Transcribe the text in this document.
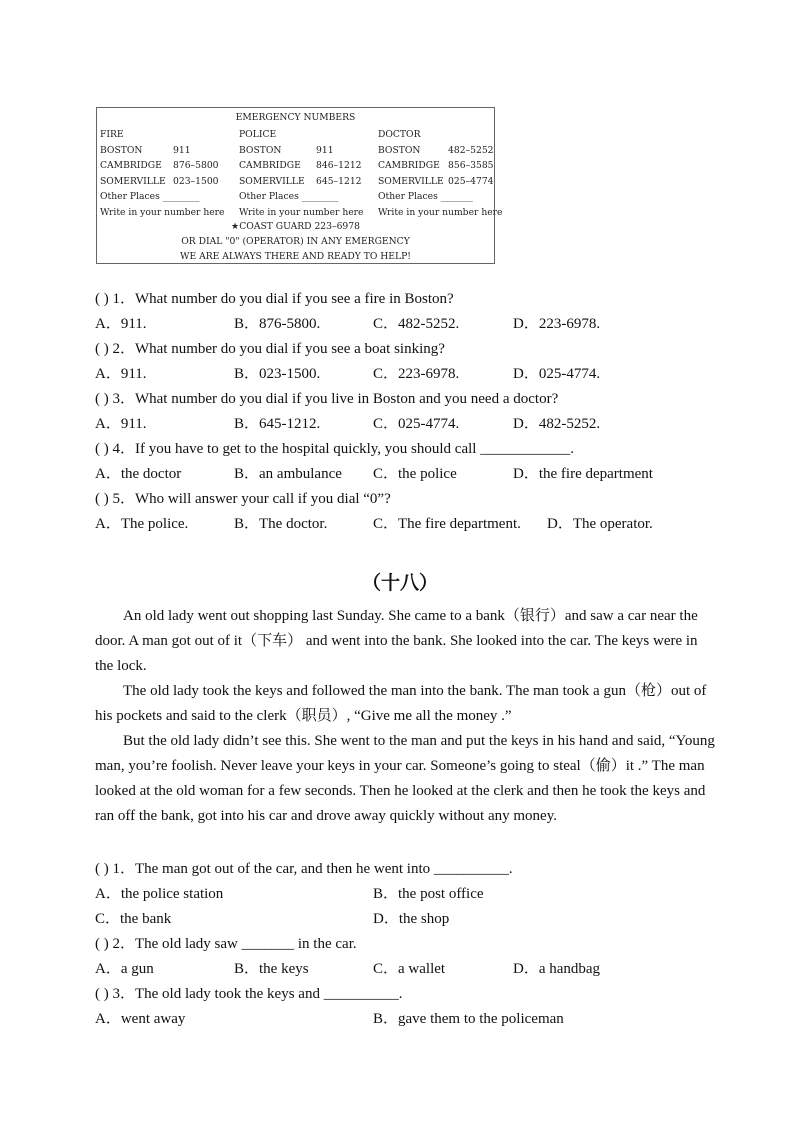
EMERGENCY NUMBERS
FIRE
BOSTON	911
CAMBRIDGE 876–5800
SOMERVILLE 023–1500
Other Places ________
Write in your number here
POLICE
BOSTON	911
CAMBRIDGE 846–1212
SOMERVILLE 645–1212
Other Places ________
Write in your number here
DOCTOR
BOSTON	482–5252
CAMBRIDGE 856–3585
SOMERVILLE 025–4774
Other Places _______
Write in your number here
★COAST GUARD 223–6978
OR DIAL "0" (OPERATOR) IN ANY EMERGENCY
WE ARE ALWAYS THERE AND READY TO HELP!
( ) 1．What number do you dial if you see a fire in Boston?
A．911.	B．876-5800.	C．482-5252.	D．223-6978.
( ) 2．What number do you dial if you see a boat sinking?
A．911.	B．023-1500.	C．223-6978.	D．025-4774.
( ) 3．What number do you dial if you live in Boston and you need a doctor?
A．911.	B．645-1212.	C．025-4774.	D．482-5252.
( ) 4．If you have to get to the hospital quickly, you should call ____________.
A．the doctor	B．an ambulance C．the police	D．the fire department
( ) 5．Who will answer your call if you dial “0”?
A．The police.	B．The doctor.	C．The fire department. D．The operator.
（十八）

An old lady went out shopping last Sunday. She came to a bank（银行）and saw a car near the door. A man got out of it（下车） and went into the bank. She looked into the car. The keys were in the lock.

The old lady took the keys and followed the man into the bank. The man took a gun（枪）out of his pockets and said to the clerk（职员）, “Give me all the money .”

But the old lady didn’t see this. She went to the man and put the keys in his hand and said, “Young man, you’re foolish. Never leave your keys in your car. Someone’s going to steal（偷）it .” The man looked at the old woman for a few seconds. Then he looked at the clerk and then he took the keys and ran off the bank, got into his car and drove away quickly without any money.

( ) 1．The man got out of the car, and then he went into __________.
A．the police station	B．the post office
C．the bank	D．the shop
( ) 2．The old lady saw _______ in the car.
A．a gun	B．the keys	C．a wallet	D．a handbag
( ) 3．The old lady took the keys and __________.
A．went away	B．gave them to the policeman
